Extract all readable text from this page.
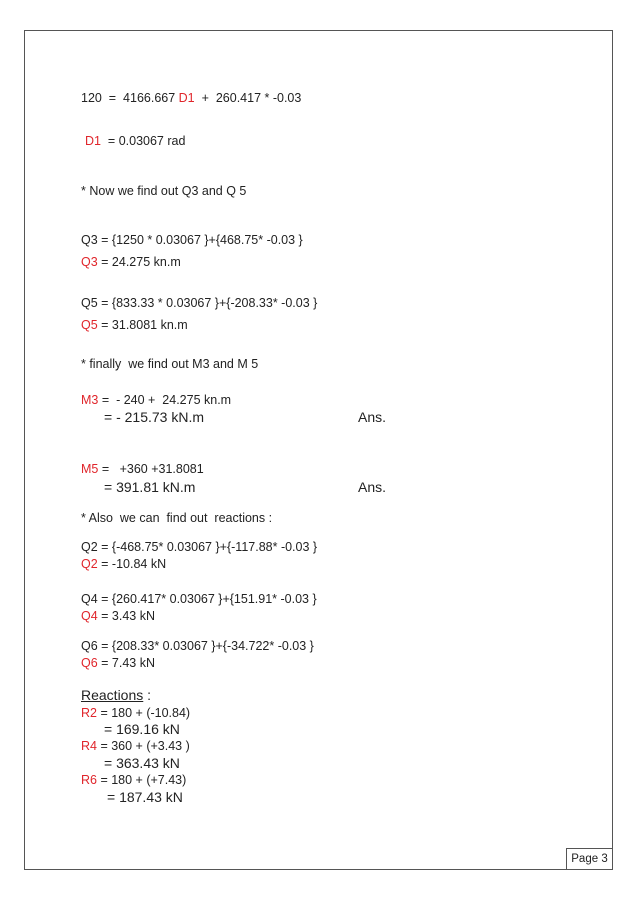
120  =  4166.667 D1  +  260.417 * -0.03
D1  = 0.03067 rad
* Now we find out Q3 and Q 5
Q3 = {1250 * 0.03067 }+{468.75* -0.03 }
Q3 = 24.275 kn.m
Q5 = {833.33 * 0.03067 }+{-208.33* -0.03 }
Q5 = 31.8081 kn.m
* finally  we find out M3 and M 5
M3 =  - 240 +  24.275 kn.m
= - 215.73 kN.m	Ans.
M5 =   +360 +31.8081
= 391.81 kN.m	Ans.
* Also  we can  find out  reactions :
Q2 = {-468.75* 0.03067 }+{-117.88* -0.03 }
Q2 = -10.84 kN
Q4 = {260.417* 0.03067 }+{151.91* -0.03 }
Q4 = 3.43 kN
Q6 = {208.33* 0.03067 }+{-34.722* -0.03 }
Q6 = 7.43 kN
Reactions :
R2 = 180 + (-10.84)
= 169.16 kN
R4 = 360 + (+3.43 )
= 363.43 kN
R6 = 180 + (+7.43)
= 187.43 kN
Page 3
